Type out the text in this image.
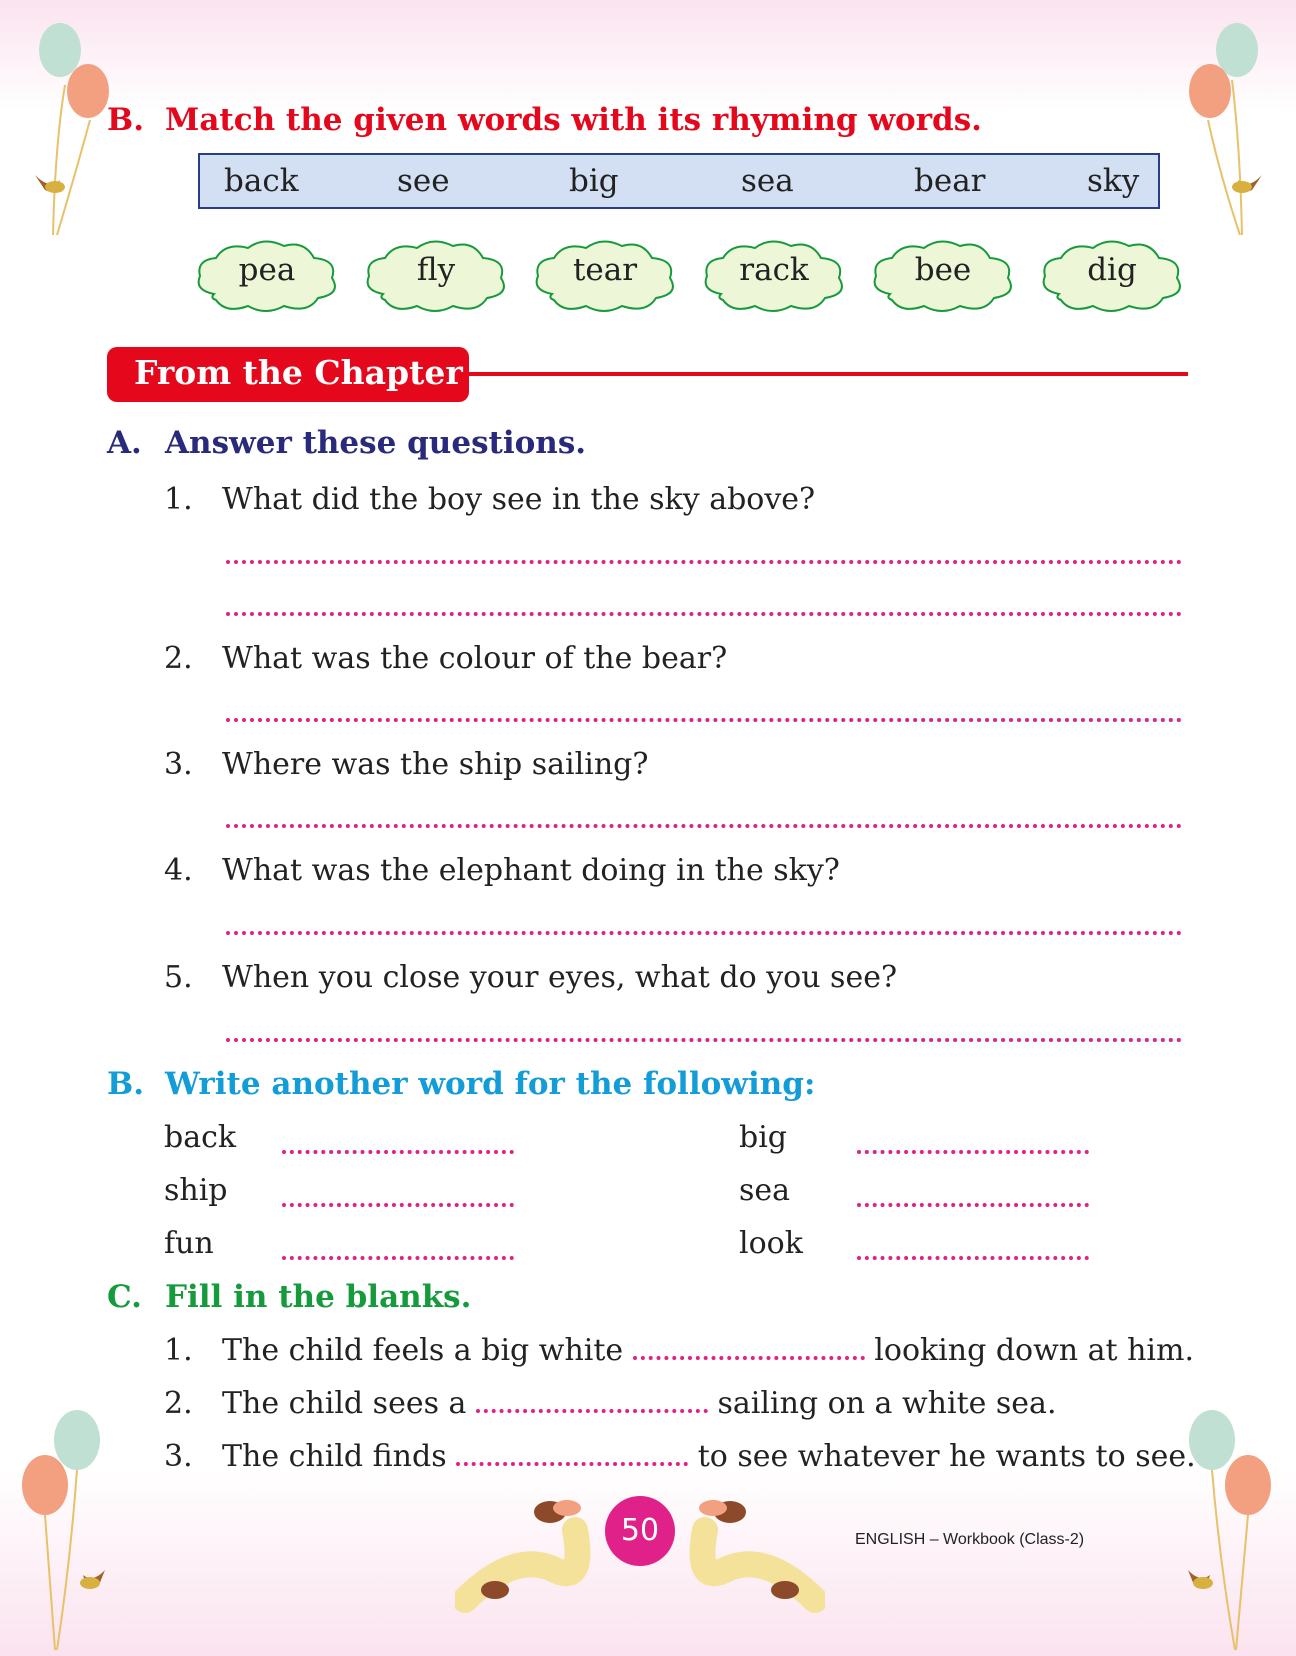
B. Match the given words with its rhyming words.
back	see	big	sea	bear	sky
pea	fly	tear	rack	bee	dig
From the Chapter
A. Answer these questions.
1. What did the boy see in the sky above?
2. What was the colour of the bear?
3. Where was the ship sailing?
4. What was the elephant doing in the sky?
5. When you close your eyes, what do you see?
B. Write another word for the following:
back	big
ship	sea
fun	look
C. Fill in the blanks.
1. The child feels a big white	looking down at him.
2. The child sees a	sailing on a white sea.
3. The child finds	to see whatever he wants to see.
50	ENGLISH – Workbook (Class-2)
